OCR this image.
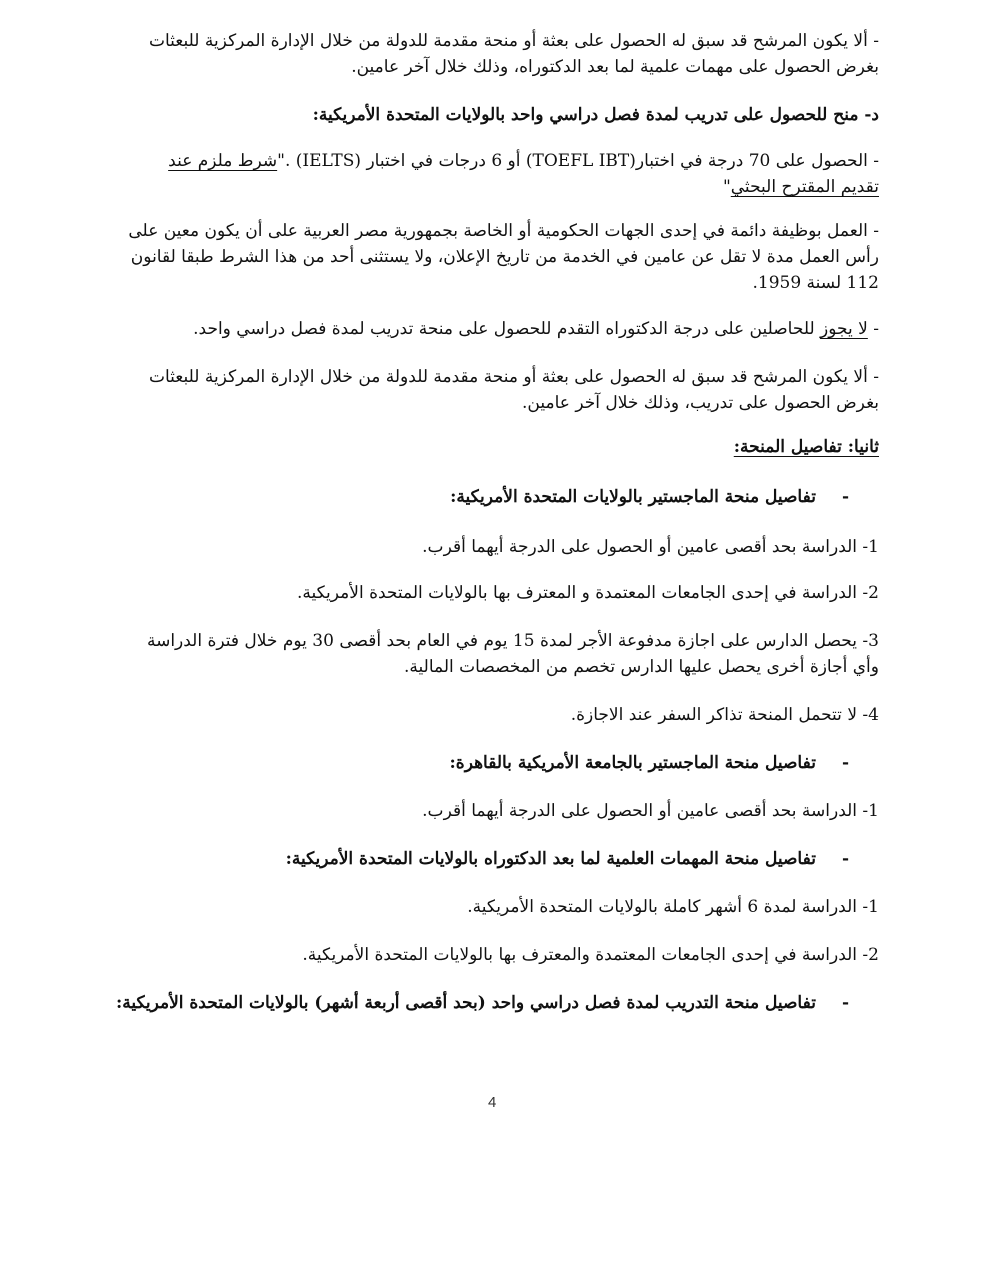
- ألا يكون المرشح قد سبق له الحصول على بعثة أو منحة مقدمة للدولة من خلال الإدارة المركزية للبعثات

بغرض الحصول على مهمات علمية لما بعد الدكتوراه، وذلك خلال آخر عامين.

د- منح للحصول على تدريب لمدة فصل دراسي واحد بالولايات المتحدة الأمريكية:

- الحصول على 70 درجة في اختبار(TOEFL IBT) أو 6 درجات في اختبار (IELTS) ."شرط ملزم عند

تقديم المقترح البحثي"

- العمل بوظيفة دائمة في إحدى الجهات الحكومية أو الخاصة بجمهورية مصر العربية على أن يكون معين على

رأس العمل مدة لا تقل عن عامين في الخدمة من تاريخ الإعلان، ولا يستثنى أحد من هذا الشرط طبقا لقانون

112 لسنة 1959.

- لا يجوز للحاصلين على درجة الدكتوراه التقدم للحصول على منحة تدريب لمدة فصل دراسي واحد.

- ألا يكون المرشح قد سبق له الحصول على بعثة أو منحة مقدمة للدولة من خلال الإدارة المركزية للبعثات

بغرض الحصول على تدريب، وذلك خلال آخر عامين.

ثانيا: تفاصيل المنحة:

-تفاصيل منحة الماجستير بالولايات المتحدة الأمريكية:

1- الدراسة بحد أقصى عامين أو الحصول على الدرجة أيهما أقرب.

2- الدراسة في إحدى الجامعات المعتمدة و المعترف بها بالولايات المتحدة الأمريكية.

3- يحصل الدارس على اجازة مدفوعة الأجر لمدة 15 يوم في العام بحد أقصى 30 يوم خلال فترة الدراسة

وأي أجازة أخرى يحصل عليها الدارس تخصم من المخصصات المالية.

4- لا تتحمل المنحة تذاكر السفر عند الاجازة.

-تفاصيل منحة الماجستير بالجامعة الأمريكية بالقاهرة:

1- الدراسة بحد أقصى عامين أو الحصول على الدرجة أيهما أقرب.

-تفاصيل منحة المهمات العلمية لما بعد الدكتوراه بالولايات المتحدة الأمريكية:

1- الدراسة لمدة 6 أشهر كاملة بالولايات المتحدة الأمريكية.

2- الدراسة في إحدى الجامعات المعتمدة والمعترف بها بالولايات المتحدة الأمريكية.

-تفاصيل منحة التدريب لمدة فصل دراسي واحد (بحد أقصى أربعة أشهر) بالولايات المتحدة الأمريكية:

4
